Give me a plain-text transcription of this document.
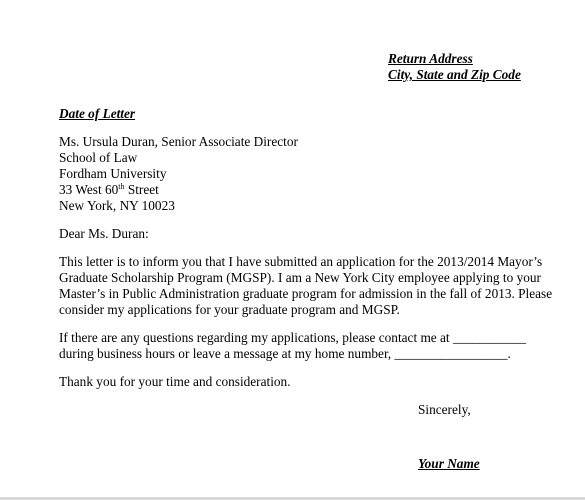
Return Address
City, State and Zip Code
Date of Letter
Ms. Ursula Duran, Senior Associate Director
School of Law
Fordham University
33 West 60th Street
New York, NY 10023
Dear Ms. Duran:
This letter is to inform you that I have submitted an application for the 2013/2014 Mayor’s
Graduate Scholarship Program (MGSP). I am a New York City employee applying to your
Master’s in Public Administration graduate program for admission in the fall of 2013. Please
consider my applications for your graduate program and MGSP.
If there are any questions regarding my applications, please contact me at ___________
during business hours or leave a message at my home number, _________________.
Thank you for your time and consideration.
Sincerely,
Your Name
